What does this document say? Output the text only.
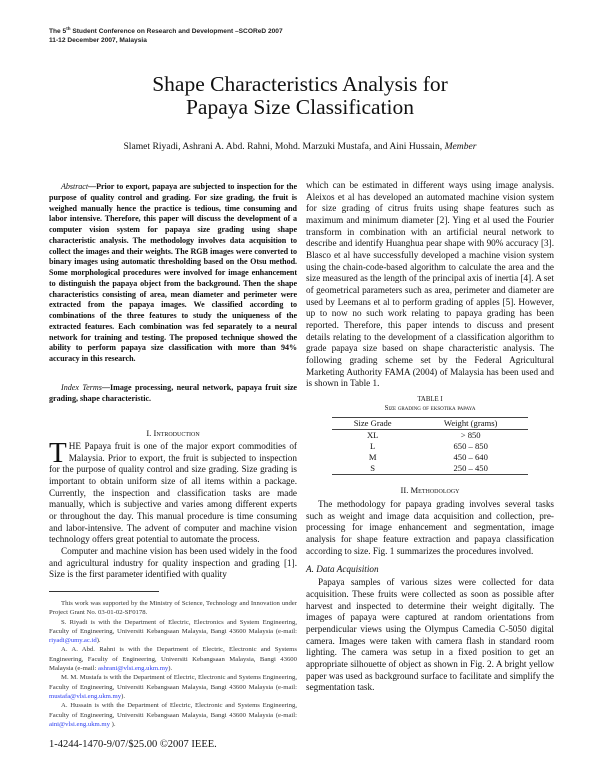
The 5th Student Conference on Research and Development –SCOReD 2007
11-12 December 2007, Malaysia
Shape Characteristics Analysis for
Papaya Size Classification
Slamet Riyadi, Ashrani A. Abd. Rahni, Mohd. Marzuki Mustafa, and Aini Hussain, Member
Abstract—Prior to export, papaya are subjected to inspection for the purpose of quality control and grading. For size grading, the fruit is weighed manually hence the practice is tedious, time consuming and labor intensive. Therefore, this paper will discuss the development of a computer vision system for papaya size grading using shape characteristic analysis. The methodology involves data acquisition to collect the images and their weights. The RGB images were converted to binary images using automatic thresholding based on the Otsu method. Some morphological procedures were involved for image enhancement to distinguish the papaya object from the background. Then the shape characteristics consisting of area, mean diameter and perimeter were extracted from the papaya images. We classified according to combinations of the three features to study the uniqueness of the extracted features. Each combination was fed separately to a neural network for training and testing. The proposed technique showed the ability to perform papaya size classification with more than 94% accuracy in this research.
Index Terms—Image processing, neural network, papaya fruit size grading, shape characteristic.
I. Introduction

THE Papaya fruit is one of the major export commodities of Malaysia. Prior to export, the fruit is subjected to inspection for the purpose of quality control and size grading. Size grading is important to obtain uniform size of all items within a package. Currently, the inspection and classification tasks are made manually, which is subjective and varies among different experts or throughout the day. This manual procedure is time consuming and labor-intensive. The advent of computer and machine vision technology offers great potential to automate the process.

Computer and machine vision has been used widely in the food and agricultural industry for quality inspection and grading [1]. Size is the first parameter identified with quality

This work was supported by the Ministry of Science, Technology and Innovation under Project Grant No. 03-01-02-SF0178.

S. Riyadi is with the Department of Electric, Electronics and System Engineering, Faculty of Engineering, Universiti Kebangsaan Malaysia, Bangi 43600 Malaysia (e-mail: riyadi@umy.ac.id).

A. A. Abd. Rahni is with the Department of Electric, Electronic and Systems Engineering, Faculty of Engineering, Universiti Kebangsaan Malaysia, Bangi 43600 Malaysia (e-mail: ashrani@vlsi.eng.ukm.my).

M. M. Mustafa is with the Department of Electric, Electronic and Systems Engineering, Faculty of Engineering, Universiti Kebangsaan Malaysia, Bangi 43600 Malaysia (e-mail: mustafa@vlsi.eng.ukm.my).

A. Hussain is with the Department of Electric, Electronic and Systems Engineering, Faculty of Engineering, Universiti Kebangsaan Malaysia, Bangi 43600 Malaysia (e-mail: aini@vlsi.eng.ukm.my ).

1-4244-1470-9/07/$25.00 ©2007 IEEE.
which can be estimated in different ways using image analysis. Aleixos et al has developed an automated machine vision system for size grading of citrus fruits using shape features such as maximum and minimum diameter [2]. Ying et al used the Fourier transform in combination with an artificial neural network to describe and identify Huanghua pear shape with 90% accuracy [3]. Blasco et al have successfully developed a machine vision system using the chain-code-based algorithm to calculate the area and the size measured as the length of the principal axis of inertia [4]. A set of geometrical parameters such as area, perimeter and diameter are used by Leemans et al to perform grading of apples [5]. However, up to now no such work relating to papaya grading has been reported. Therefore, this paper intends to discuss and present details relating to the development of a classification algorithm to grade papaya size based on shape characteristic analysis. The following grading scheme set by the Federal Agricultural Marketing Authority FAMA (2004) of Malaysia has been used and is shown in Table 1.
TABLE I
Size grading of eksotika papaya
Size Grade	Weight (grams)
XL	> 850
L	650 – 850
M	450 – 640
S	250 – 450
II. Methodology

The methodology for papaya grading involves several tasks such as weight and image data acquisition and collection, pre-processing for image enhancement and segmentation, image analysis for shape feature extraction and papaya classification according to size. Fig. 1 summarizes the procedures involved.

A. Data Acquisition

Papaya samples of various sizes were collected for data acquisition. These fruits were collected as soon as possible after harvest and inspected to determine their weight digitally. The images of papaya were captured at random orientations from perpendicular views using the Olympus Camedia C-5050 digital camera. Images were taken with camera flash in standard room lighting. The camera was setup in a fixed position to get an appropriate silhouette of object as shown in Fig. 2. A bright yellow paper was used as background surface to facilitate and simplify the segmentation task.
